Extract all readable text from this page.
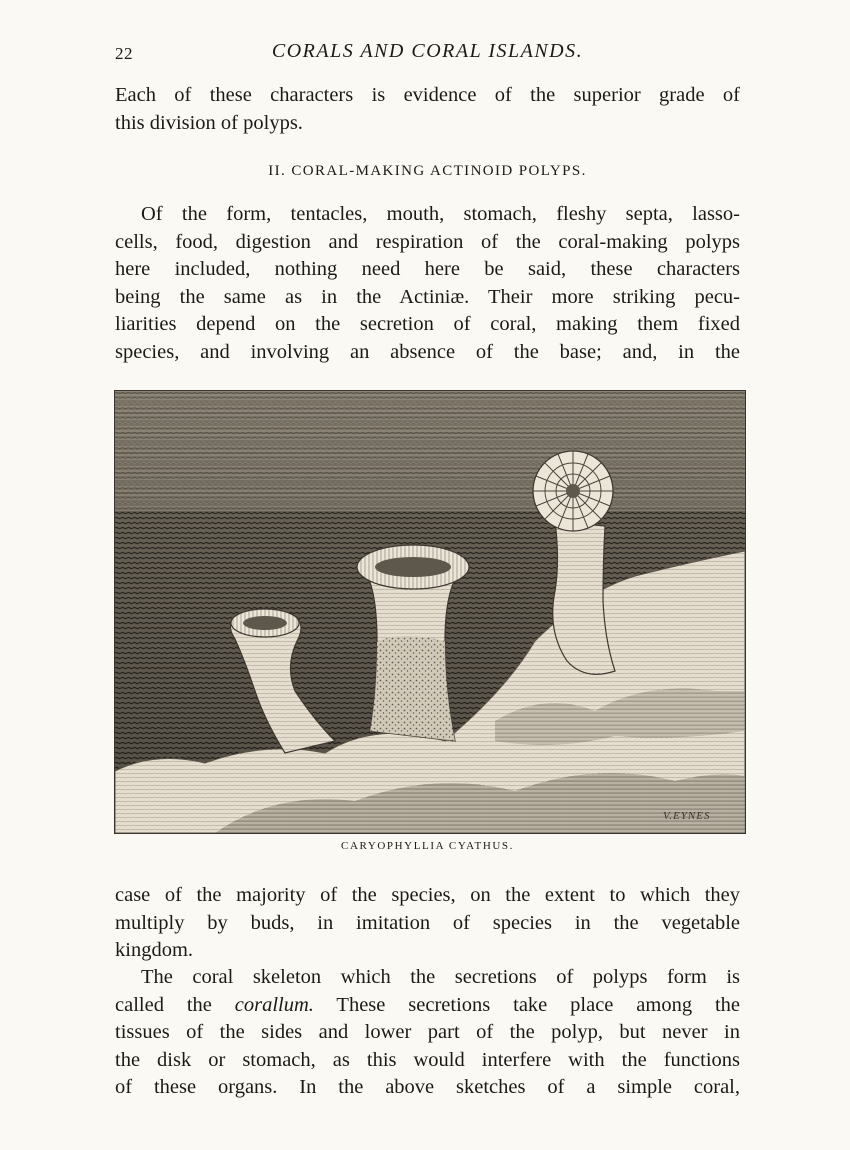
22	CORALS AND CORAL ISLANDS.

Each of these characters is evidence of the superior grade of
this division of polyps.

II. CORAL-MAKING ACTINOID POLYPS.

Of the form, tentacles, mouth, stomach, fleshy septa, lasso-
cells, food, digestion and respiration of the coral-making polyps
here included, nothing need here be said, these characters
being the same as in the Actiniæ. Their more striking pecu-
liarities depend on the secretion of coral, making them fixed
species, and involving an absence of the base; and, in the

V.EYNES
CARYOPHYLLIA CYATHUS.

case of the majority of the species, on the extent to which they
multiply by buds, in imitation of species in the vegetable
kingdom.

The coral skeleton which the secretions of polyps form is
called the corallum. These secretions take place among the
tissues of the sides and lower part of the polyp, but never in
the disk or stomach, as this would interfere with the functions
of these organs. In the above sketches of a simple coral,
